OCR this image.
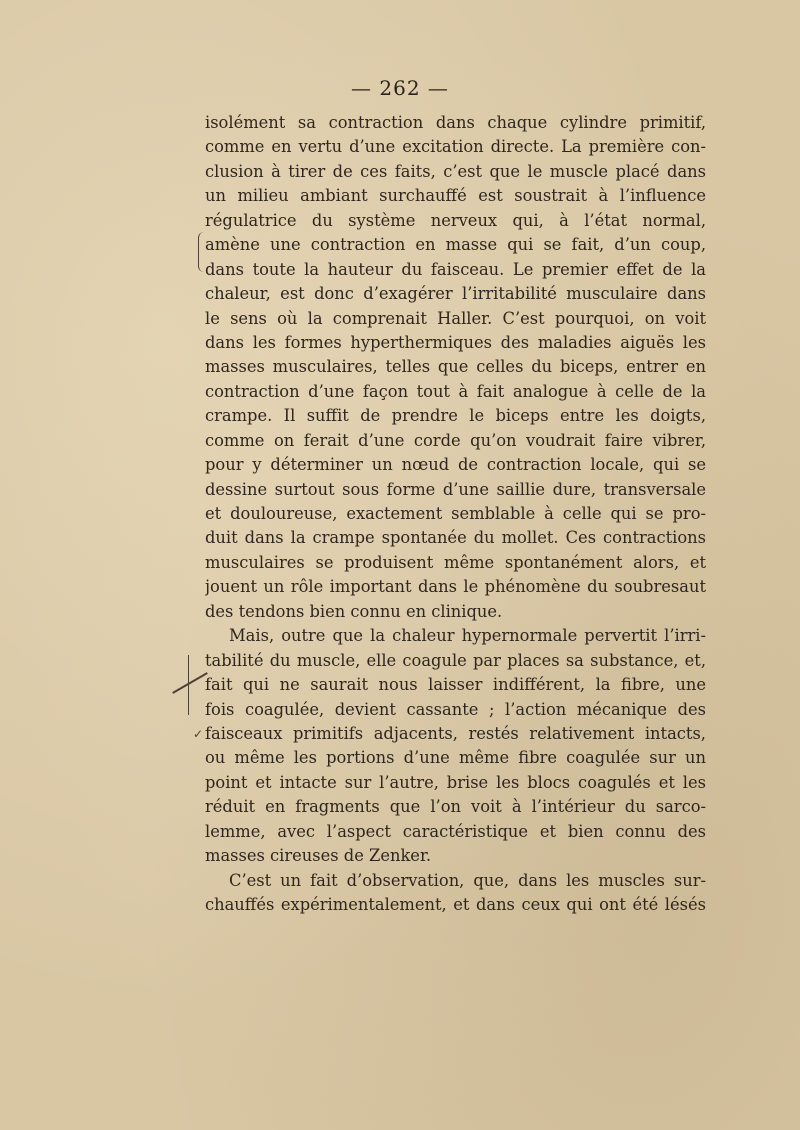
— 262 —
isolément sa contraction dans chaque cylindre primitif,
comme en vertu d’une excitation directe. La première con-
clusion à tirer de ces faits, c’est que le muscle placé dans
un milieu ambiant surchauffé est soustrait à l’influence
régulatrice du système nerveux qui, à l’état normal,
amène une contraction en masse qui se fait, d’un coup,
dans toute la hauteur du faisceau. Le premier effet de la
chaleur, est donc d’exagérer l’irritabilité musculaire dans
le sens où la comprenait Haller. C’est pourquoi, on voit
dans les formes hyperthermiques des maladies aiguës les
masses musculaires, telles que celles du biceps, entrer en
contraction d’une façon tout à fait analogue à celle de la
crampe. Il suffit de prendre le biceps entre les doigts,
comme on ferait d’une corde qu’on voudrait faire vibrer,
pour y déterminer un nœud de contraction locale, qui se
dessine surtout sous forme d’une saillie dure, transversale
et douloureuse, exactement semblable à celle qui se pro-
duit dans la crampe spontanée du mollet. Ces contractions
musculaires se produisent même spontanément alors, et
jouent un rôle important dans le phénomène du soubresaut
des tendons bien connu en clinique.
Mais, outre que la chaleur hypernormale pervertit l’irri-
tabilité du muscle, elle coagule par places sa substance, et,
fait qui ne saurait nous laisser indifférent, la fibre, une
fois coagulée, devient cassante ; l’action mécanique des
faisceaux primitifs adjacents, restés relativement intacts,
ou même les portions d’une même fibre coagulée sur un
point et intacte sur l’autre, brise les blocs coagulés et les
réduit en fragments que l’on voit à l’intérieur du sarco-
lemme, avec l’aspect caractéristique et bien connu des
masses cireuses de Zenker.
C’est un fait d’observation, que, dans les muscles sur-
chauffés expérimentalement, et dans ceux qui ont été lésés
✓
